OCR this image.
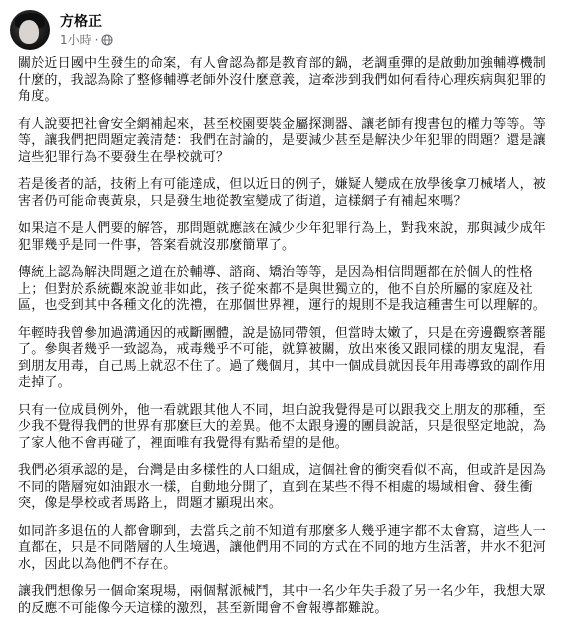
方格正
1小時 ·

關於近日國中生發生的命案，有人會認為都是教育部的鍋，老調重彈的是啟動加強輔導機制什麼的，我認為除了整修輔導老師外沒什麼意義，這牽涉到我們如何看待心理疾病與犯罪的角度。

有人說要把社會安全網補起來，甚至校園要裝金屬探測器、讓老師有搜書包的權力等等。等等，讓我們把問題定義清楚：我們在討論的，是要減少甚至是解決少年犯罪的問題？還是讓這些犯罪行為不要發生在學校就可？

若是後者的話，技術上有可能達成，但以近日的例子，嫌疑人變成在放學後拿刀械堵人，被害者仍可能命喪黃泉，只是發生地從教室變成了街道，這樣網子有補起來嗎？

如果這不是人們要的解答，那問題就應該在減少少年犯罪行為上，對我來說，那與減少成年犯罪幾乎是同一件事，答案看就沒那麼簡單了。

傳統上認為解決問題之道在於輔導、諮商、矯治等等，是因為相信問題都在於個人的性格上；但對於系統觀來說並非如此，孩子從來都不是與世獨立的，他不自於所屬的家庭及社區，也受到其中各種文化的洗禮，在那個世界裡，運行的規則不是我這種書生可以理解的。

年輕時我曾參加過溝通因的戒斷團體，說是協同帶領，但當時太嫩了，只是在旁邊觀察著罷了。參與者幾乎一致認為，戒毒幾乎不可能，就算被關，放出來後又跟同樣的朋友鬼混，看到朋友用毒，自己馬上就忍不住了。過了幾個月，其中一個成員就因長年用毒導致的副作用走掉了。

只有一位成員例外，他一看就跟其他人不同，坦白說我覺得是可以跟我交上朋友的那種，至少我不覺得我們的世界有那麼巨大的差異。他不太跟身邊的團員說話，只是很堅定地說，為了家人他不會再碰了，裡面唯有我覺得有點希望的是他。

我們必須承認的是，台灣是由多樣性的人口組成，這個社會的衝突看似不高，但或許是因為不同的階層宛如油跟水一樣，自動地分開了，直到在某些不得不相處的場域相會、發生衝突，像是學校或者馬路上，問題才顯現出來。

如同許多退伍的人都會聊到，去當兵之前不知道有那麼多人幾乎連字都不太會寫，這些人一直都在，只是不同階層的人生境遇，讓他們用不同的方式在不同的地方生活著，井水不犯河水，因此以為他們不存在。

讓我們想像另一個命案現場，兩個幫派械鬥，其中一名少年失手殺了另一名少年，我想大眾的反應不可能像今天這樣的激烈，甚至新聞會不會報導都難說。
